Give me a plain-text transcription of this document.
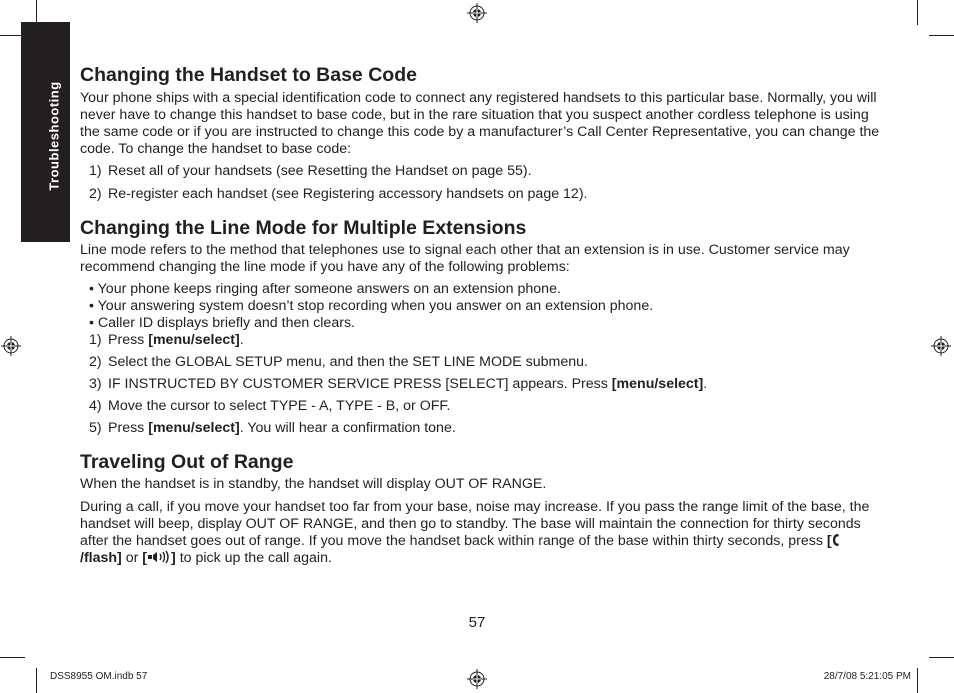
Troubleshooting
Changing the Handset to Base Code

Your phone ships with a special identification code to connect any registered handsets to this particular base. Normally, you will never have to change this handset to base code, but in the rare situation that you suspect another cordless telephone is using the same code or if you are instructed to change this code by a manufacturer’s Call Center Representative, you can change the code. To change the handset to base code:

1) Reset all of your handsets (see Resetting the Handset on page 55).
2) Re-register each handset (see Registering accessory handsets on page 12).
Changing the Line Mode for Multiple Extensions

Line mode refers to the method that telephones use to signal each other that an extension is in use. Customer service may recommend changing the line mode if you have any of the following problems:

• Your phone keeps ringing after someone answers on an extension phone.
• Your answering system doesn’t stop recording when you answer on an extension phone.
• Caller ID displays briefly and then clears.
1) Press [menu/select].
2) Select the GLOBAL SETUP menu, and then the SET LINE MODE submenu.
3) IF INSTRUCTED BY CUSTOMER SERVICE PRESS [SELECT] appears. Press [menu/select].
4) Move the cursor to select TYPE - A, TYPE - B, or OFF.
5) Press [menu/select]. You will hear a confirmation tone.
Traveling Out of Range

When the handset is in standby, the handset will display OUT OF RANGE.

During a call, if you move your handset too far from your base, noise may increase. If you pass the range limit of the base, the handset will beep, display OUT OF RANGE, and then go to standby. The base will maintain the connection for thirty seconds after the handset goes out of range. If you move the handset back within range of the base within thirty seconds, press [/flash] or [ ] to pick up the call again.

57
DSS8955 OM.indb 57	28/7/08 5:21:05 PM
